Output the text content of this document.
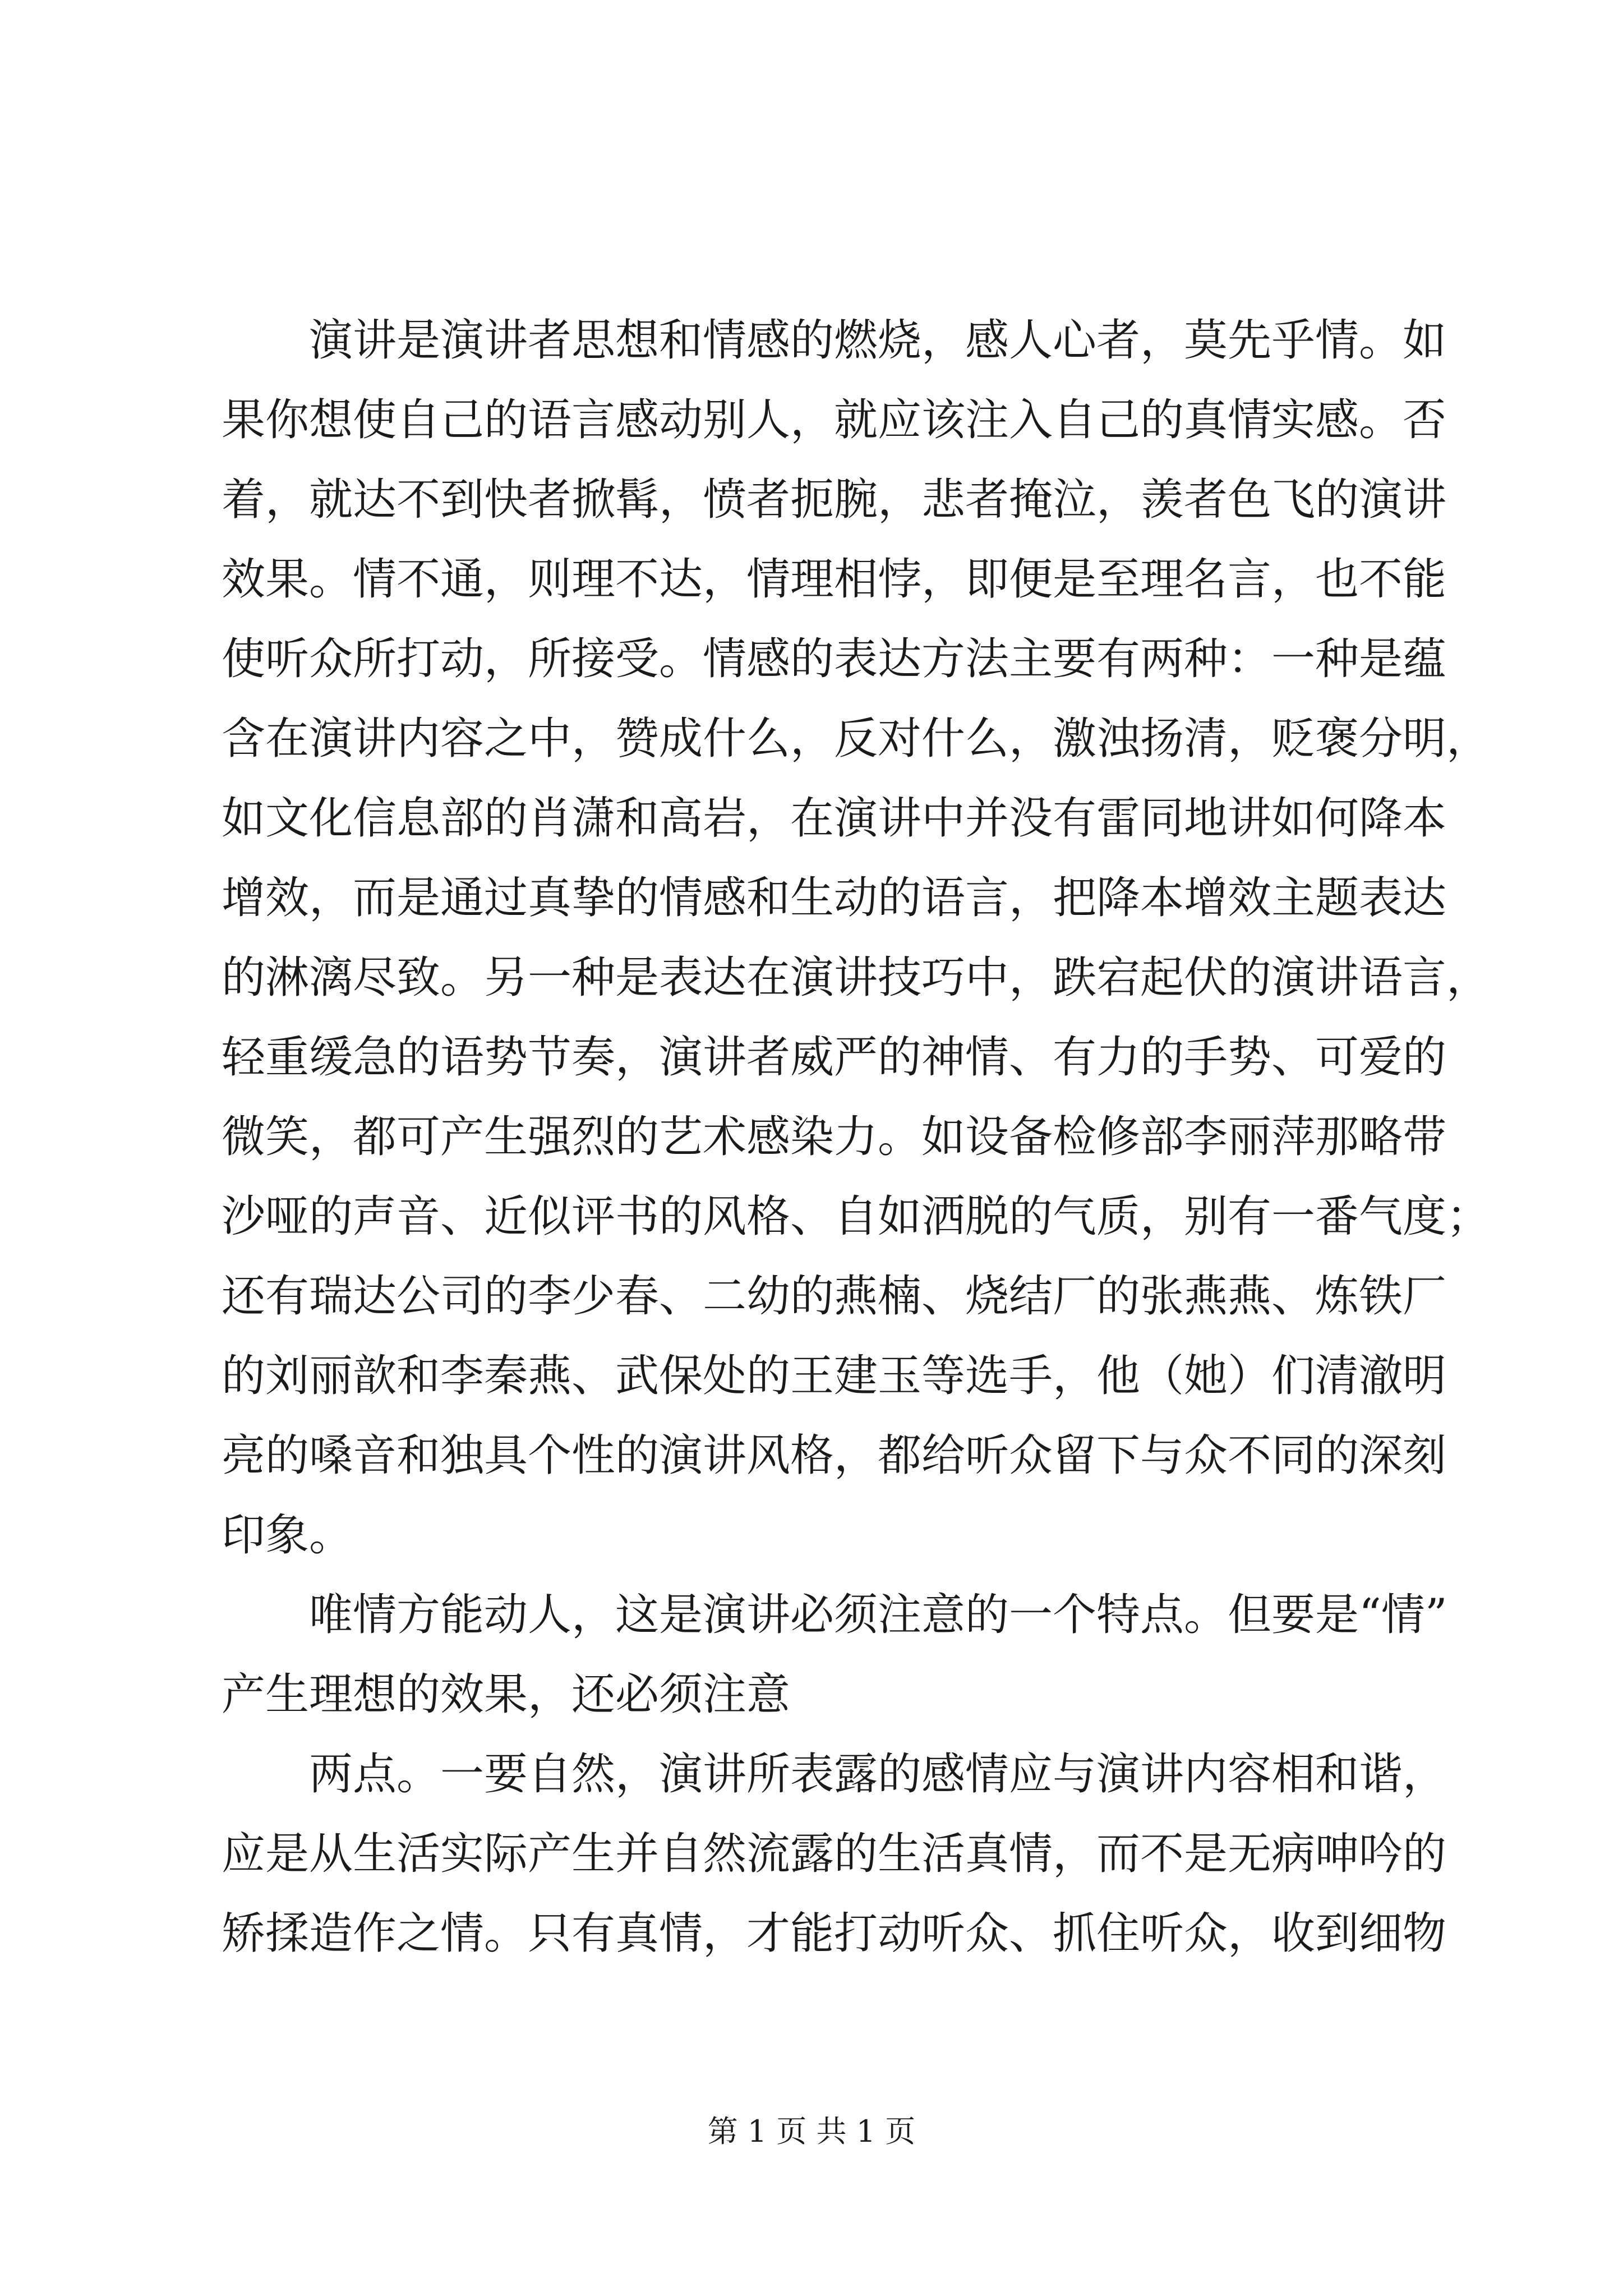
演讲是演讲者思想和情感的燃烧，感人心者，莫先乎情。如
果你想使自己的语言感动别人，就应该注入自己的真情实感。否
着，就达不到快者掀髯，愤者扼腕，悲者掩泣，羡者色飞的演讲
效果。情不通，则理不达，情理相悖，即便是至理名言，也不能
使听众所打动，所接受。情感的表达方法主要有两种：一种是蕴
含在演讲内容之中，赞成什么，反对什么，激浊扬清，贬褒分明，
如文化信息部的肖潇和高岩，在演讲中并没有雷同地讲如何降本
增效，而是通过真挚的情感和生动的语言，把降本增效主题表达
的淋漓尽致。另一种是表达在演讲技巧中，跌宕起伏的演讲语言，
轻重缓急的语势节奏，演讲者威严的神情、有力的手势、可爱的
微笑，都可产生强烈的艺术感染力。如设备检修部李丽萍那略带
沙哑的声音、近似评书的风格、自如洒脱的气质，别有一番气度；
还有瑞达公司的李少春、二幼的燕楠、烧结厂的张燕燕、炼铁厂
的刘丽歆和李秦燕、武保处的王建玉等选手，他（她）们清澈明
亮的嗓音和独具个性的演讲风格，都给听众留下与众不同的深刻
印象。
唯情方能动人，这是演讲必须注意的一个特点。但要是“情”
产生理想的效果，还必须注意
两点。一要自然，演讲所表露的感情应与演讲内容相和谐，
应是从生活实际产生并自然流露的生活真情，而不是无病呻吟的
矫揉造作之情。只有真情，才能打动听众、抓住听众，收到细物
第 1 页 共 1 页
